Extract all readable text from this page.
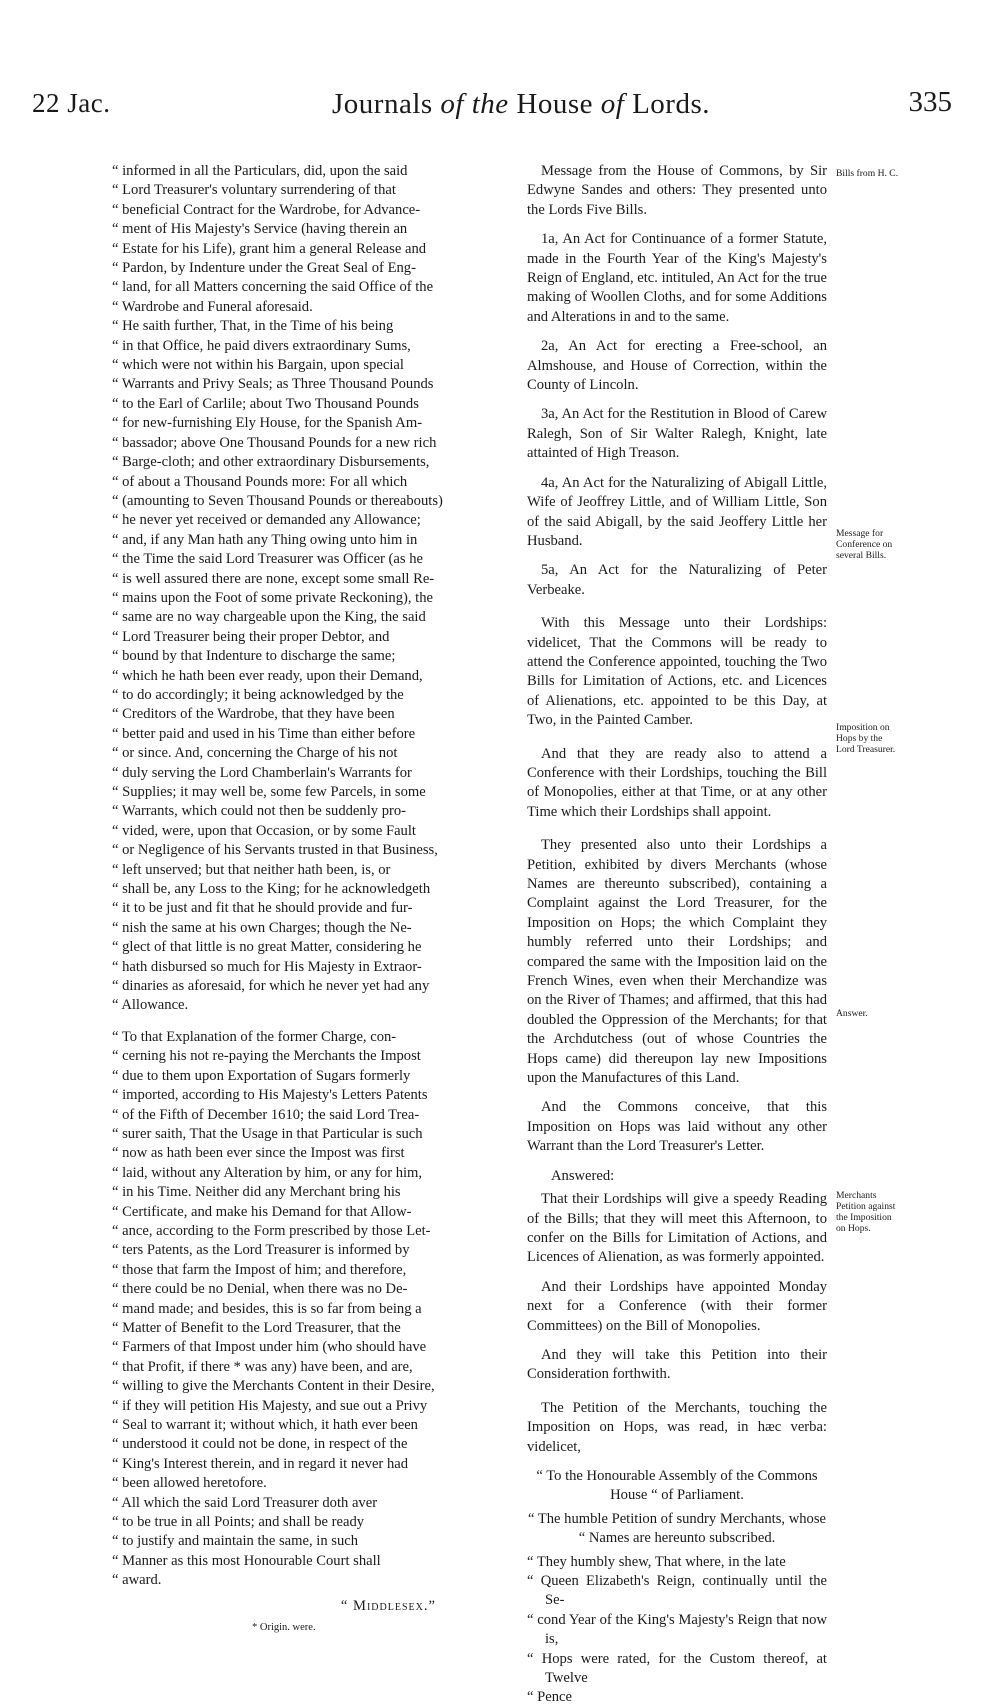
22 Jac.	Journals of the House of Lords.	335
“ informed in all the Particulars, did, upon the said
“ Lord Treasurer's voluntary surrendering of that
“ beneficial Contract for the Wardrobe, for Advance-
“ ment of His Majesty's Service (having therein an
“ Estate for his Life), grant him a general Release and
“ Pardon, by Indenture under the Great Seal of Eng-
“ land, for all Matters concerning the said Office of the
“ Wardrobe and Funeral aforesaid.
“ He saith further, That, in the Time of his being
“ in that Office, he paid divers extraordinary Sums,
“ which were not within his Bargain, upon special
“ Warrants and Privy Seals; as Three Thousand Pounds
“ to the Earl of Carlile; about Two Thousand Pounds
“ for new-furnishing Ely House, for the Spanish Am-
“ bassador; above One Thousand Pounds for a new rich
“ Barge-cloth; and other extraordinary Disbursements,
“ of about a Thousand Pounds more: For all which
“ (amounting to Seven Thousand Pounds or thereabouts)
“ he never yet received or demanded any Allowance;
“ and, if any Man hath any Thing owing unto him in
“ the Time the said Lord Treasurer was Officer (as he
“ is well assured there are none, except some small Re-
“ mains upon the Foot of some private Reckoning), the
“ same are no way chargeable upon the King, the said
“ Lord Treasurer being their proper Debtor, and
“ bound by that Indenture to discharge the same;
“ which he hath been ever ready, upon their Demand,
“ to do accordingly; it being acknowledged by the
“ Creditors of the Wardrobe, that they have been
“ better paid and used in his Time than either before
“ or since. And, concerning the Charge of his not
“ duly serving the Lord Chamberlain's Warrants for
“ Supplies; it may well be, some few Parcels, in some
“ Warrants, which could not then be suddenly pro-
“ vided, were, upon that Occasion, or by some Fault
“ or Negligence of his Servants trusted in that Business,
“ left unserved; but that neither hath been, is, or
“ shall be, any Loss to the King; for he acknowledgeth
“ it to be just and fit that he should provide and fur-
“ nish the same at his own Charges; though the Ne-
“ glect of that little is no great Matter, considering he
“ hath disbursed so much for His Majesty in Extraor-
“ dinaries as aforesaid, for which he never yet had any
“ Allowance.
“ To that Explanation of the former Charge, con-
“ cerning his not re-paying the Merchants the Impost
“ due to them upon Exportation of Sugars formerly
“ imported, according to His Majesty's Letters Patents
“ of the Fifth of December 1610; the said Lord Trea-
“ surer saith, That the Usage in that Particular is such
“ now as hath been ever since the Impost was first
“ laid, without any Alteration by him, or any for him,
“ in his Time. Neither did any Merchant bring his
“ Certificate, and make his Demand for that Allow-
“ ance, according to the Form prescribed by those Let-
“ ters Patents, as the Lord Treasurer is informed by
“ those that farm the Impost of him; and therefore,
“ there could be no Denial, when there was no De-
“ mand made; and besides, this is so far from being a
“ Matter of Benefit to the Lord Treasurer, that the
“ Farmers of that Impost under him (who should have
“ that Profit, if there * was any) have been, and are,
“ willing to give the Merchants Content in their Desire,
“ if they will petition His Majesty, and sue out a Privy
“ Seal to warrant it; without which, it hath ever been
“ understood it could not be done, in respect of the
“ King's Interest therein, and in regard it never had
“ been allowed heretofore.
“ All which the said Lord Treasurer doth aver
“ to be true in all Points; and shall be ready
“ to justify and maintain the same, in such
“ Manner as this most Honourable Court shall
“ award.
“ Middlesex.”
* Origin. were.

Message from the House of Commons, by Sir Edwyne Sandes and others: They presented unto the Lords Five Bills.

1a, An Act for Continuance of a former Statute, made in the Fourth Year of the King's Majesty's Reign of England, etc. intituled, An Act for the true making of Woollen Cloths, and for some Additions and Alterations in and to the same.

2a, An Act for erecting a Free-school, an Almshouse, and House of Correction, within the County of Lincoln.

3a, An Act for the Restitution in Blood of Carew Ralegh, Son of Sir Walter Ralegh, Knight, late attainted of High Treason.

4a, An Act for the Naturalizing of Abigall Little, Wife of Jeoffrey Little, and of William Little, Son of the said Abigall, by the said Jeoffery Little her Husband.

5a, An Act for the Naturalizing of Peter Verbeake.

With this Message unto their Lordships: videlicet, That the Commons will be ready to attend the Conference appointed, touching the Two Bills for Limitation of Actions, etc. and Licences of Alienations, etc. appointed to be this Day, at Two, in the Painted Camber.

And that they are ready also to attend a Conference with their Lordships, touching the Bill of Monopolies, either at that Time, or at any other Time which their Lordships shall appoint.

They presented also unto their Lordships a Petition, exhibited by divers Merchants (whose Names are thereunto subscribed), containing a Complaint against the Lord Treasurer, for the Imposition on Hops; the which Complaint they humbly referred unto their Lordships; and compared the same with the Imposition laid on the French Wines, even when their Merchandize was on the River of Thames; and affirmed, that this had doubled the Oppression of the Merchants; for that the Archdutchess (out of whose Countries the Hops came) did thereupon lay new Impositions upon the Manufactures of this Land.

And the Commons conceive, that this Imposition on Hops was laid without any other Warrant than the Lord Treasurer's Letter.

Answered:

That their Lordships will give a speedy Reading of the Bills; that they will meet this Afternoon, to confer on the Bills for Limitation of Actions, and Licences of Alienation, as was formerly appointed.

And their Lordships have appointed Monday next for a Conference (with their former Committees) on the Bill of Monopolies.

And they will take this Petition into their Consideration forthwith.

The Petition of the Merchants, touching the Imposition on Hops, was read, in hæc verba: videlicet,

“ To the Honourable Assembly of the Commons House “ of Parliament.

“ The humble Petition of sundry Merchants, whose “ Names are hereunto subscribed.

“ They humbly shew, That where, in the late
“ Queen Elizabeth's Reign, continually until the Se-
“ cond Year of the King's Majesty's Reign that now is,
“ Hops were rated, for the Custom thereof, at Twelve
“ Pence
Bills from H. C.
Message for Conference on several Bills.
Imposition on Hops by the Lord Treasurer.
Answer.
Merchants Petition against the Imposition on Hops.
